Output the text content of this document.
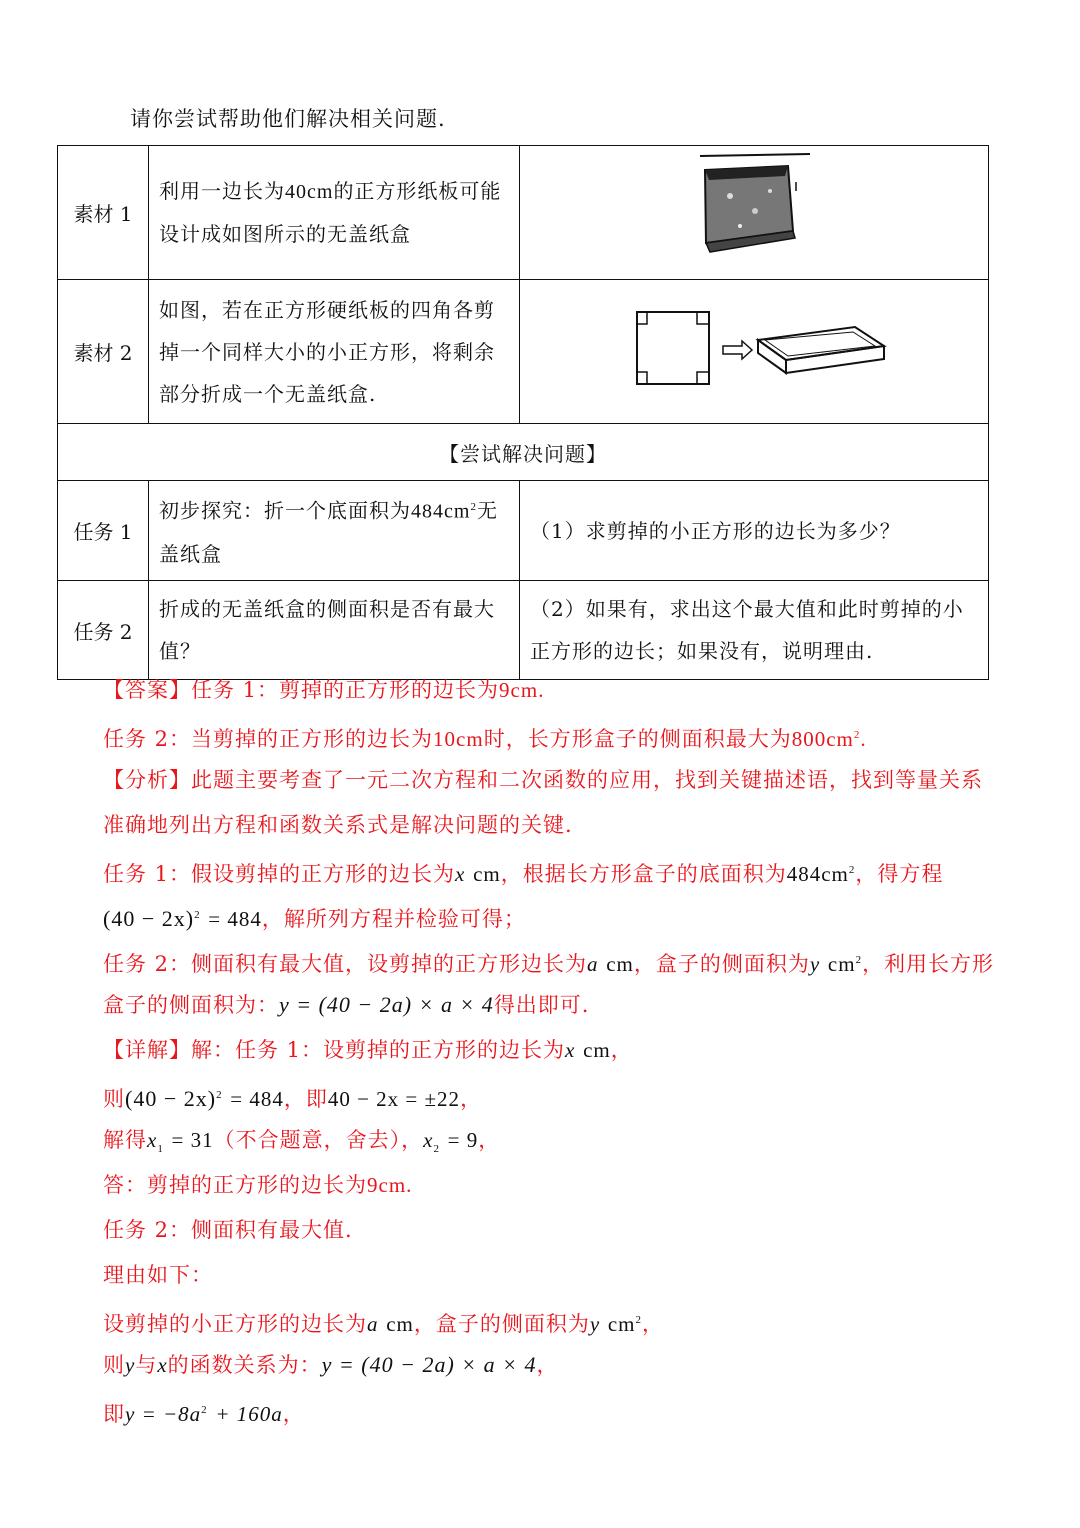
请你尝试帮助他们解决相关问题.
素材 1	利用一边长为40cm的正方形纸板可能设计成如图所示的无盖纸盒

素材 2	如图，若在正方形硬纸板的四角各剪掉一个同样大小的小正方形，将剩余部分折成一个无盖纸盒.

【尝试解决问题】		
任务 1	初步探究：折一个底面积为$484cm^2$无盖纸盒	（1）求剪掉的小正方形的边长为多少？

任务 2	折成的无盖纸盒的侧面积是否有最大值？	（2）如果有，求出这个最大值和此时剪掉的小正方形的边长；如果没有，说明理由.
【答案】任务 1：剪掉的正方形的边长为9cm.
任务 2：当剪掉的正方形的边长为10cm时，长方形盒子的侧面积最大为$800cm^2$.
【分析】此题主要考查了一元二次方程和二次函数的应用，找到关键描述语，找到等量关系
准确地列出方程和函数关系式是解决问题的关键.
任务 1：假设剪掉的正方形的边长为x cm，根据长方形盒子的底面积为$484cm^2$，得方程
$(40 - 2x)^2 = 484$，解所列方程并检验可得；
任务 2：侧面积有最大值，设剪掉的正方形边长为a cm，盒子的侧面积为y $cm^2$，利用长方形
盒子的侧面积为：y = (40 − 2a) × a × 4得出即可.
【详解】解：任务 1：设剪掉的正方形的边长为x cm，
则$(40 - 2x)^2 = 484$，即40 − 2x = ±22，
解得$x_1 = 31$（不合题意，舍去），$x_2 = 9$，
答：剪掉的正方形的边长为9cm.
任务 2：侧面积有最大值.
理由如下：
设剪掉的小正方形的边长为a cm，盒子的侧面积为y $cm^2$，
则y与x的函数关系为：y = (40 − 2a) × a × 4，
即$y = -8a^2 + 160a$，
